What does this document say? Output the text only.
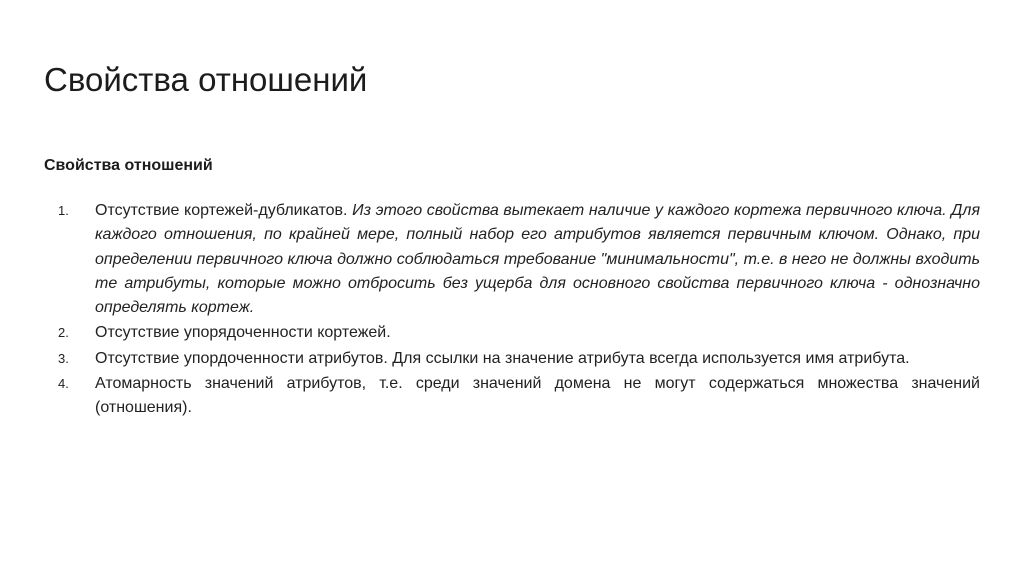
Свойства отношений
Свойства отношений
1. Отсутствие кортежей-дубликатов. Из этого свойства вытекает наличие у каждого кортежа первичного ключа. Для каждого отношения, по крайней мере, полный набор его атрибутов является первичным ключом. Однако, при определении первичного ключа должно соблюдаться требование "минимальности", т.е. в него не должны входить те атрибуты, которые можно отбросить без ущерба для основного свойства первичного ключа - однозначно определять кортеж.
2. Отсутствие упорядоченности кортежей.
3. Отсутствие упордоченности атрибутов. Для ссылки на значение атрибута всегда используется имя атрибута.
4. Атомарность значений атрибутов, т.е. среди значений домена не могут содержаться множества значений (отношения).
